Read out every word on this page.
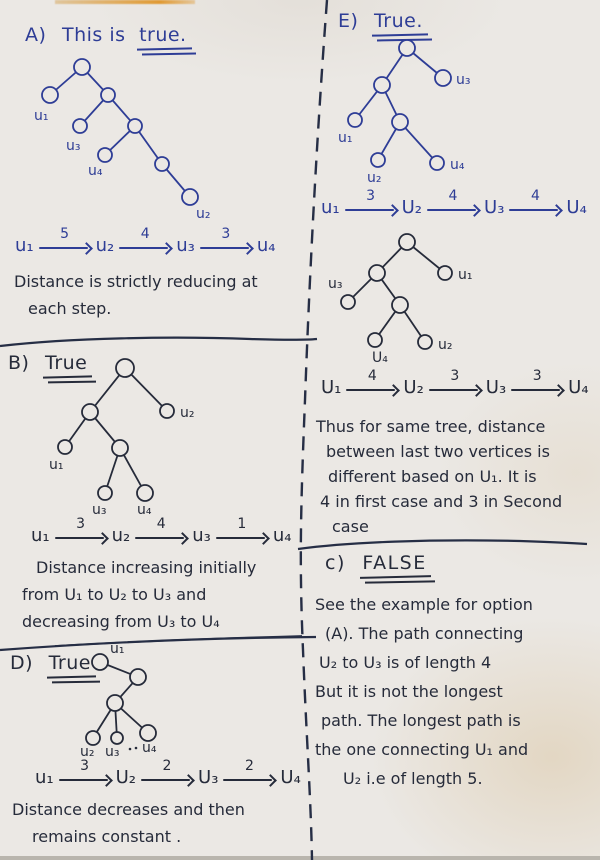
A) This is true.
u₁
u₃
u₄
u₂
u₁
5
u₂
4
u₃
3
u₄
Distance is strictly reducing at
each step.
B) True
u₂
u₁
u₃ u₄
u₁
3
u₂
4
u₃
1
u₄
Distance increasing initially
from U₁ to U₂ to U₃ and
decreasing from U₃ to U₄
D) True
u₁
u₂ u₃ u₄
u₁
3
U₂
2
U₃
2
U₄
Distance decreases and then
remains constant .
E) True.
u₃
u₁
u₂
u₄
u₁
3
U₂
4
U₃
4
U₄
u₁
u₃
U₄
u₂
U₁
4
U₂
3
U₃
3
U₄
Thus for same tree, distance
between last two vertices is
different based on U₁. It is
4 in first case and 3 in Second
case
c) FALSE
See the example for option
(A). The path connecting
U₂ to U₃ is of length 4
But it is not the longest
path. The longest path is
the one connecting U₁ and
U₂ i.e of length 5.
